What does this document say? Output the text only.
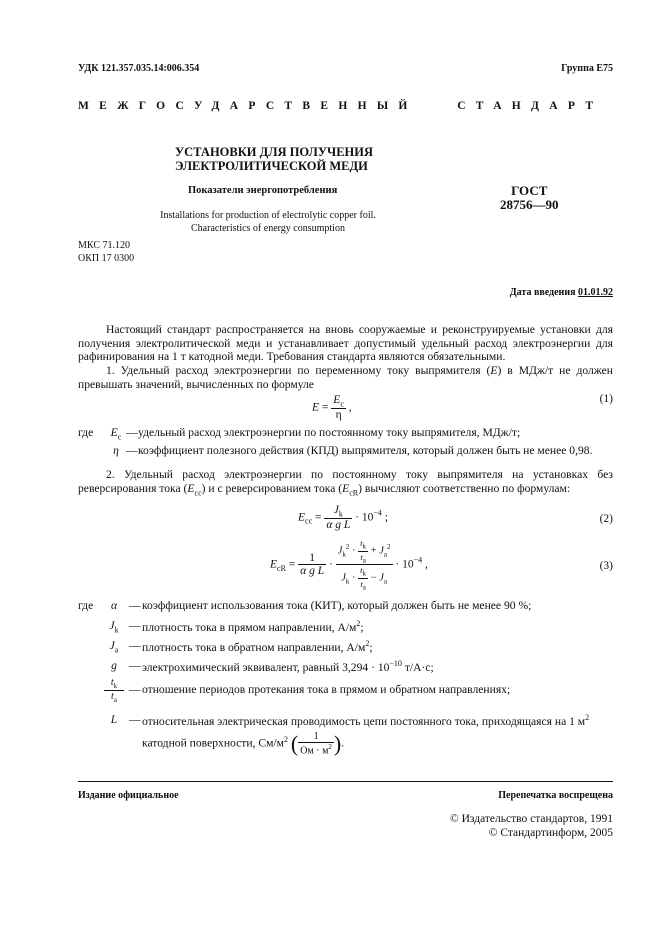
УДК 121.357.035.14:006.354	Группа Е75
МЕЖГОСУДАРСТВЕННЫЙ   СТАНДАРТ
УСТАНОВКИ ДЛЯ ПОЛУЧЕНИЯ
ЭЛЕКТРОЛИТИЧЕСКОЙ МЕДИ
Показатели энергопотребления
Installations for production of electrolytic copper foil.
Characteristics of energy consumption
ГОСТ
28756—90
МКС 71.120
ОКП 17 0300
Дата введения 01.01.92
Настоящий стандарт распространяется на вновь сооружаемые и реконструируемые установки для получения электролитической меди и устанавливает допустимый удельный расход электроэнергии для рафинирования на 1 т катодной меди. Требования стандарта являются обязательными.
1. Удельный расход электроэнергии по переменному току выпрямителя (E) в МДж/т не должен превышать значений, вычисленных по формуле
$E = \frac{E_c}{\eta}$ ,
(1)
где	$E_c$	—	удельный расход электроэнергии по постоянному току выпрямителя, МДж/т;
	η	—	коэффициент полезного действия (КПД) выпрямителя, который должен быть не менее 0,98.
2. Удельный расход электроэнергии по постоянному току выпрямителя на установках без реверсирования тока $(E_{cc})$ и с реверсированием тока $(E_{cR})$ вычисляют соответственно по формулам:
$E_{cc} = \frac{J_k}{\text{α g L}} \cdot 10^{-4}$ ;	(2)
$E_{cR} = \frac{1}{\text{α g L}} \cdot \frac{J_k^2 \cdot \frac{t_k}{t_a} + J_a^2}{J_k \cdot \frac{t_k}{t_a} - J_a} \cdot 10^{-4}$ ,	(3)
где	α	— коэффициент использования тока (КИТ), который должен быть не менее 90 %;
$J_k$ — плотность тока в прямом направлении, $А/м^2$;
$J_a$ — плотность тока в обратном направлении, $А/м^2$;
g	— электрохимический эквивалент, равный $3,294 \cdot 10^{-10}$ т/А·с;
$\frac{t_k}{t_a}$ — отношение периодов протекания тока в прямом и обратном направлениях;
L	— относительная электрическая проводимость цепи постоянного тока, приходящаяся на 1 $м^2$
катодной поверхности, $См/м^2$ ( $\frac{1}{Ом \cdot м^2}$ ).
Издание официальное	Перепечатка воспрещена
© Издательство стандартов, 1991
© Стандартинформ, 2005
